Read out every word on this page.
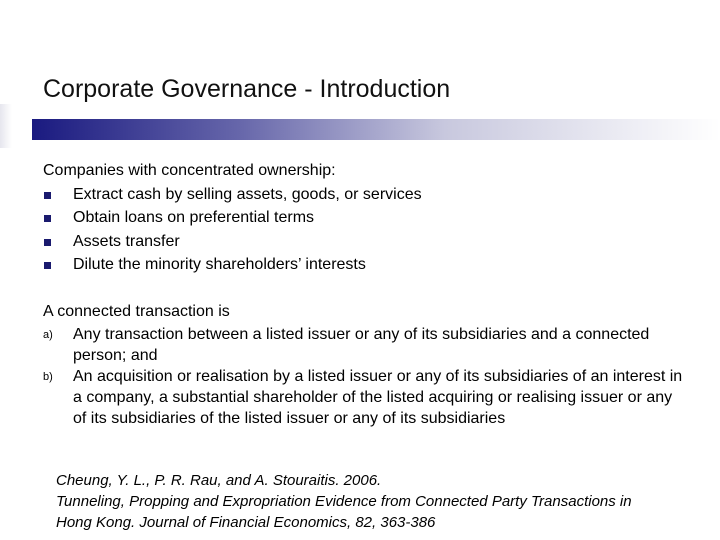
Corporate Governance - Introduction
Companies with concentrated ownership:
Extract cash by selling assets, goods, or services
Obtain loans on preferential terms
Assets transfer
Dilute the minority shareholders’ interests
A connected transaction is
a) Any transaction between a listed issuer or any of its subsidiaries and a connected person; and
b) An acquisition or realisation by a listed issuer or any of its subsidiaries of an interest in a company, a substantial shareholder of the listed acquiring or realising issuer or any of its subsidiaries of the listed issuer or any of its subsidiaries
Cheung, Y. L., P. R. Rau, and A. Stouraitis. 2006.
Tunneling, Propping and Expropriation Evidence from Connected Party Transactions in
Hong Kong. Journal of Financial Economics, 82, 363-386
